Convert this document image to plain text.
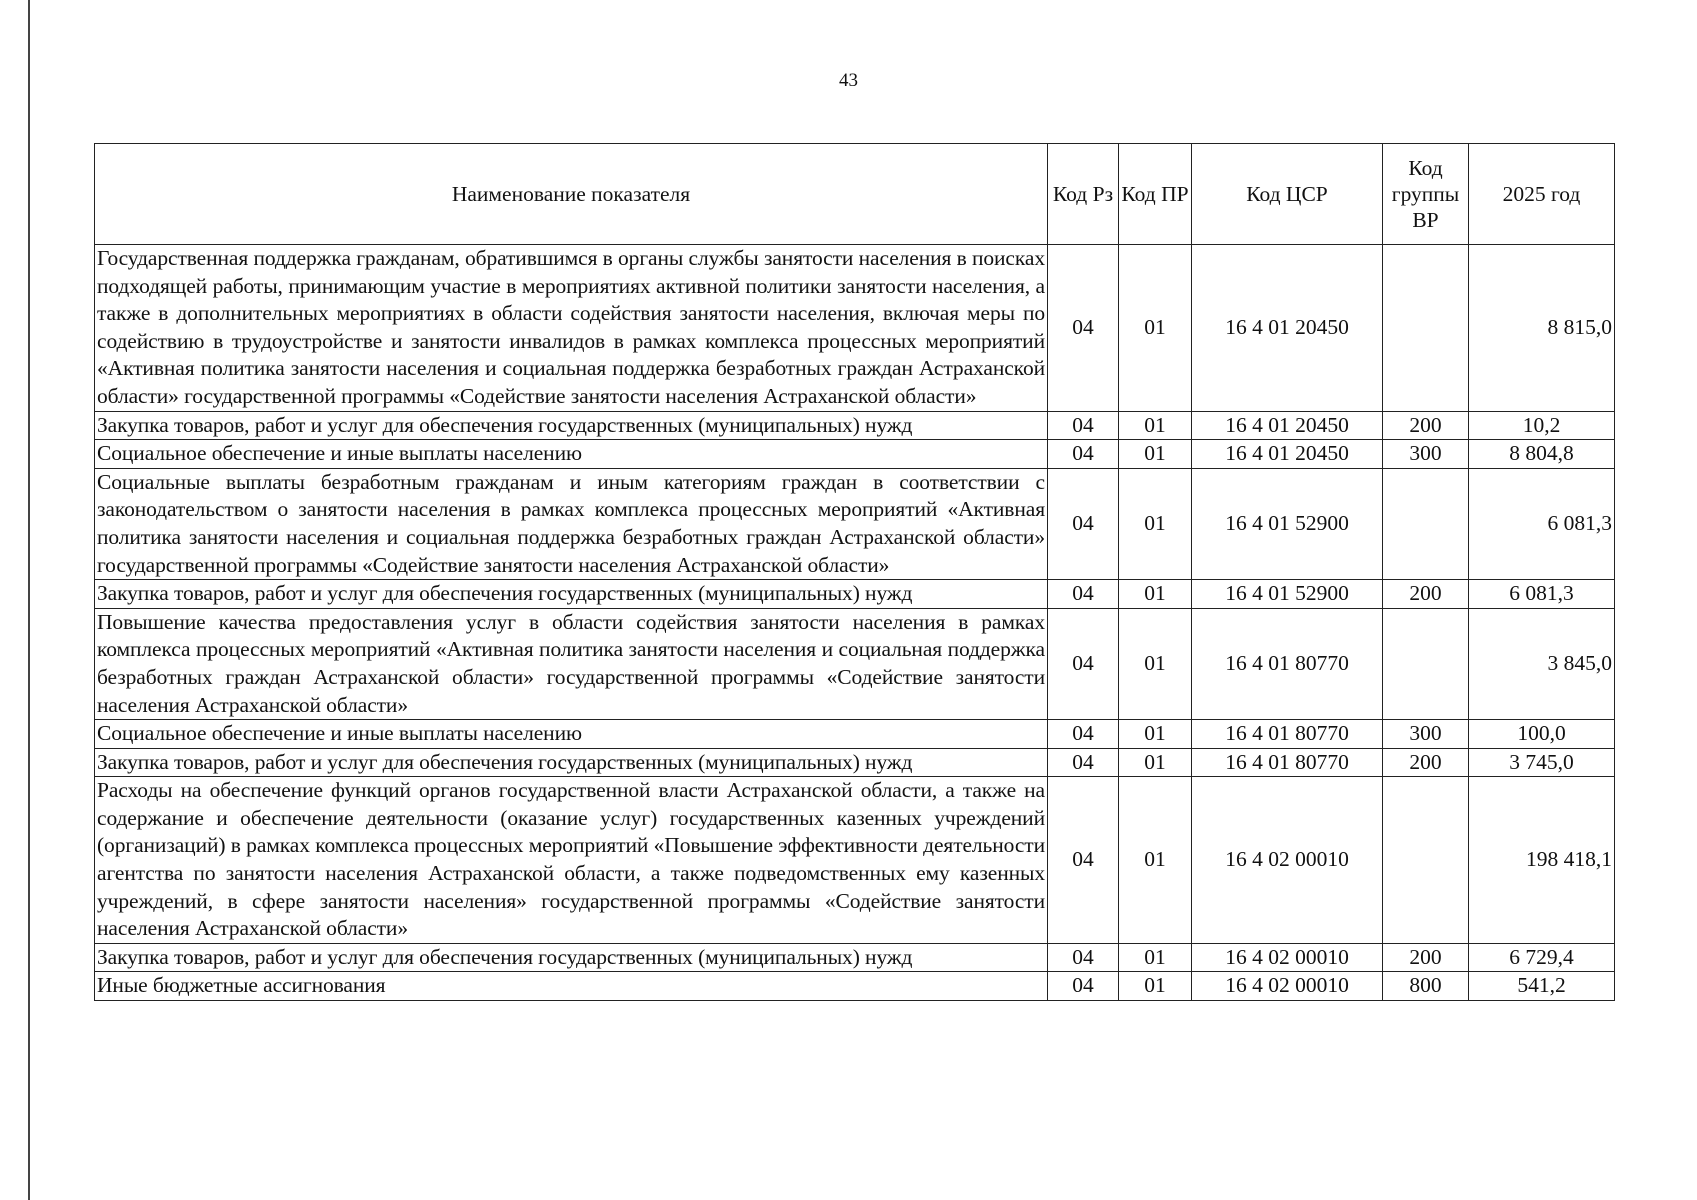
43
Наименование показателя	Код Рз	Код ПР	Код ЦСР	Код группы ВР	2025 год
Государственная поддержка гражданам, обратившимся в органы службы занятости населения в поисках подходящей работы, принимающим участие в мероприятиях активной политики занятости населения, а также в дополнительных мероприятиях в области содействия занятости населения, включая меры по содействию в трудоустройстве и занятости инвалидов в рамках комплекса процессных мероприятий «Активная политика занятости населения и социальная поддержка безработных граждан Астраханской области» государственной программы «Содействие занятости населения Астраханской области»	04	01	16 4 01 20450		8 815,0
Закупка товаров, работ и услуг для обеспечения государственных (муниципальных) нужд	04	01	16 4 01 20450	200	10,2
Социальное обеспечение и иные выплаты населению	04	01	16 4 01 20450	300	8 804,8
Социальные выплаты безработным гражданам и иным категориям граждан в соответствии с законодательством о занятости населения в рамках комплекса процессных мероприятий «Активная политика занятости населения и социальная поддержка безработных граждан Астраханской области» государственной программы «Содействие занятости населения Астраханской области»	04	01	16 4 01 52900		6 081,3
Закупка товаров, работ и услуг для обеспечения государственных (муниципальных) нужд	04	01	16 4 01 52900	200	6 081,3
Повышение качества предоставления услуг в области содействия занятости населения в рамках комплекса процессных мероприятий «Активная политика занятости населения и социальная поддержка безработных граждан Астраханской области» государственной программы «Содействие занятости населения Астраханской области»	04	01	16 4 01 80770		3 845,0
Социальное обеспечение и иные выплаты населению	04	01	16 4 01 80770	300	100,0
Закупка товаров, работ и услуг для обеспечения государственных (муниципальных) нужд	04	01	16 4 01 80770	200	3 745,0
Расходы на обеспечение функций органов государственной власти Астраханской области, а также на содержание и обеспечение деятельности (оказание услуг) государственных казенных учреждений (организаций) в рамках комплекса процессных мероприятий «Повышение эффективности деятельности агентства по занятости населения Астраханской области, а также подведомственных ему казенных учреждений, в сфере занятости населения» государственной программы «Содействие занятости населения Астраханской области»	04	01	16 4 02 00010		198 418,1
Закупка товаров, работ и услуг для обеспечения государственных (муниципальных) нужд	04	01	16 4 02 00010	200	6 729,4
Иные бюджетные ассигнования	04	01	16 4 02 00010	800	541,2
